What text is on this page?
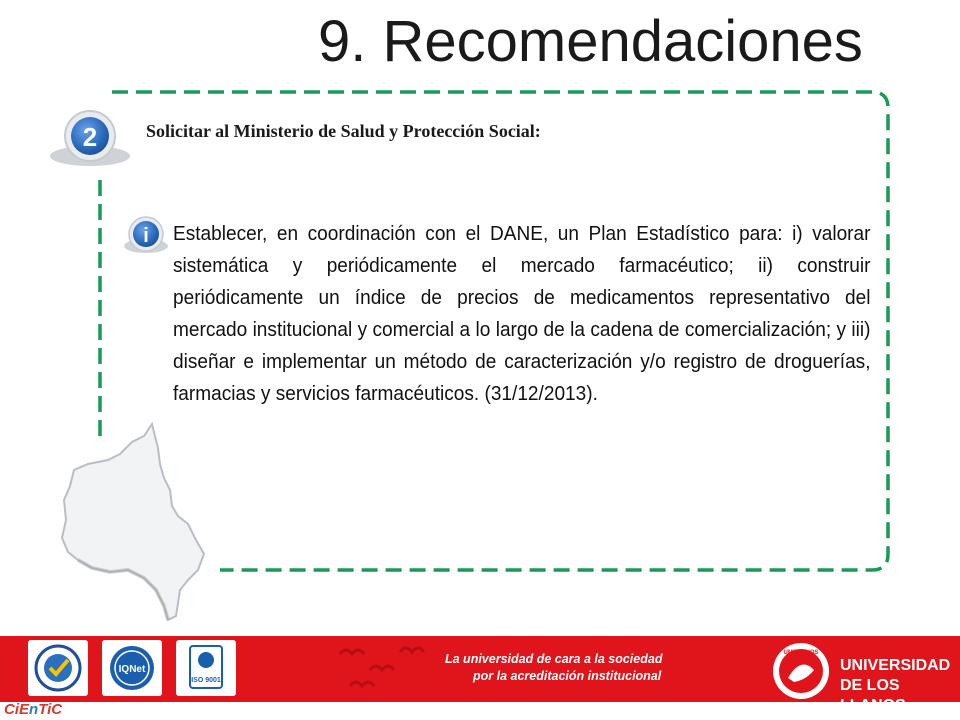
9. Recomendaciones
2	Solicitar al Ministerio de Salud y Protección Social:
i Establecer, en coordinación con el DANE, un Plan Estadístico para: i) valorar sistemática y periódicamente el mercado farmacéutico; ii) construir periódicamente un índice de precios de medicamentos representativo del mercado institucional y comercial a lo largo de la cadena de comercialización; y iii) diseñar e implementar un método de caracterización y/o registro de droguerías, farmacias y servicios farmacéuticos. (31/12/2013).
IQNet
ISO 9001
La universidad de cara a la sociedad
por la acreditación institucional
UNILLANOS
UNIVERSIDAD
DE LOS LLANOS
CiEnTiC
